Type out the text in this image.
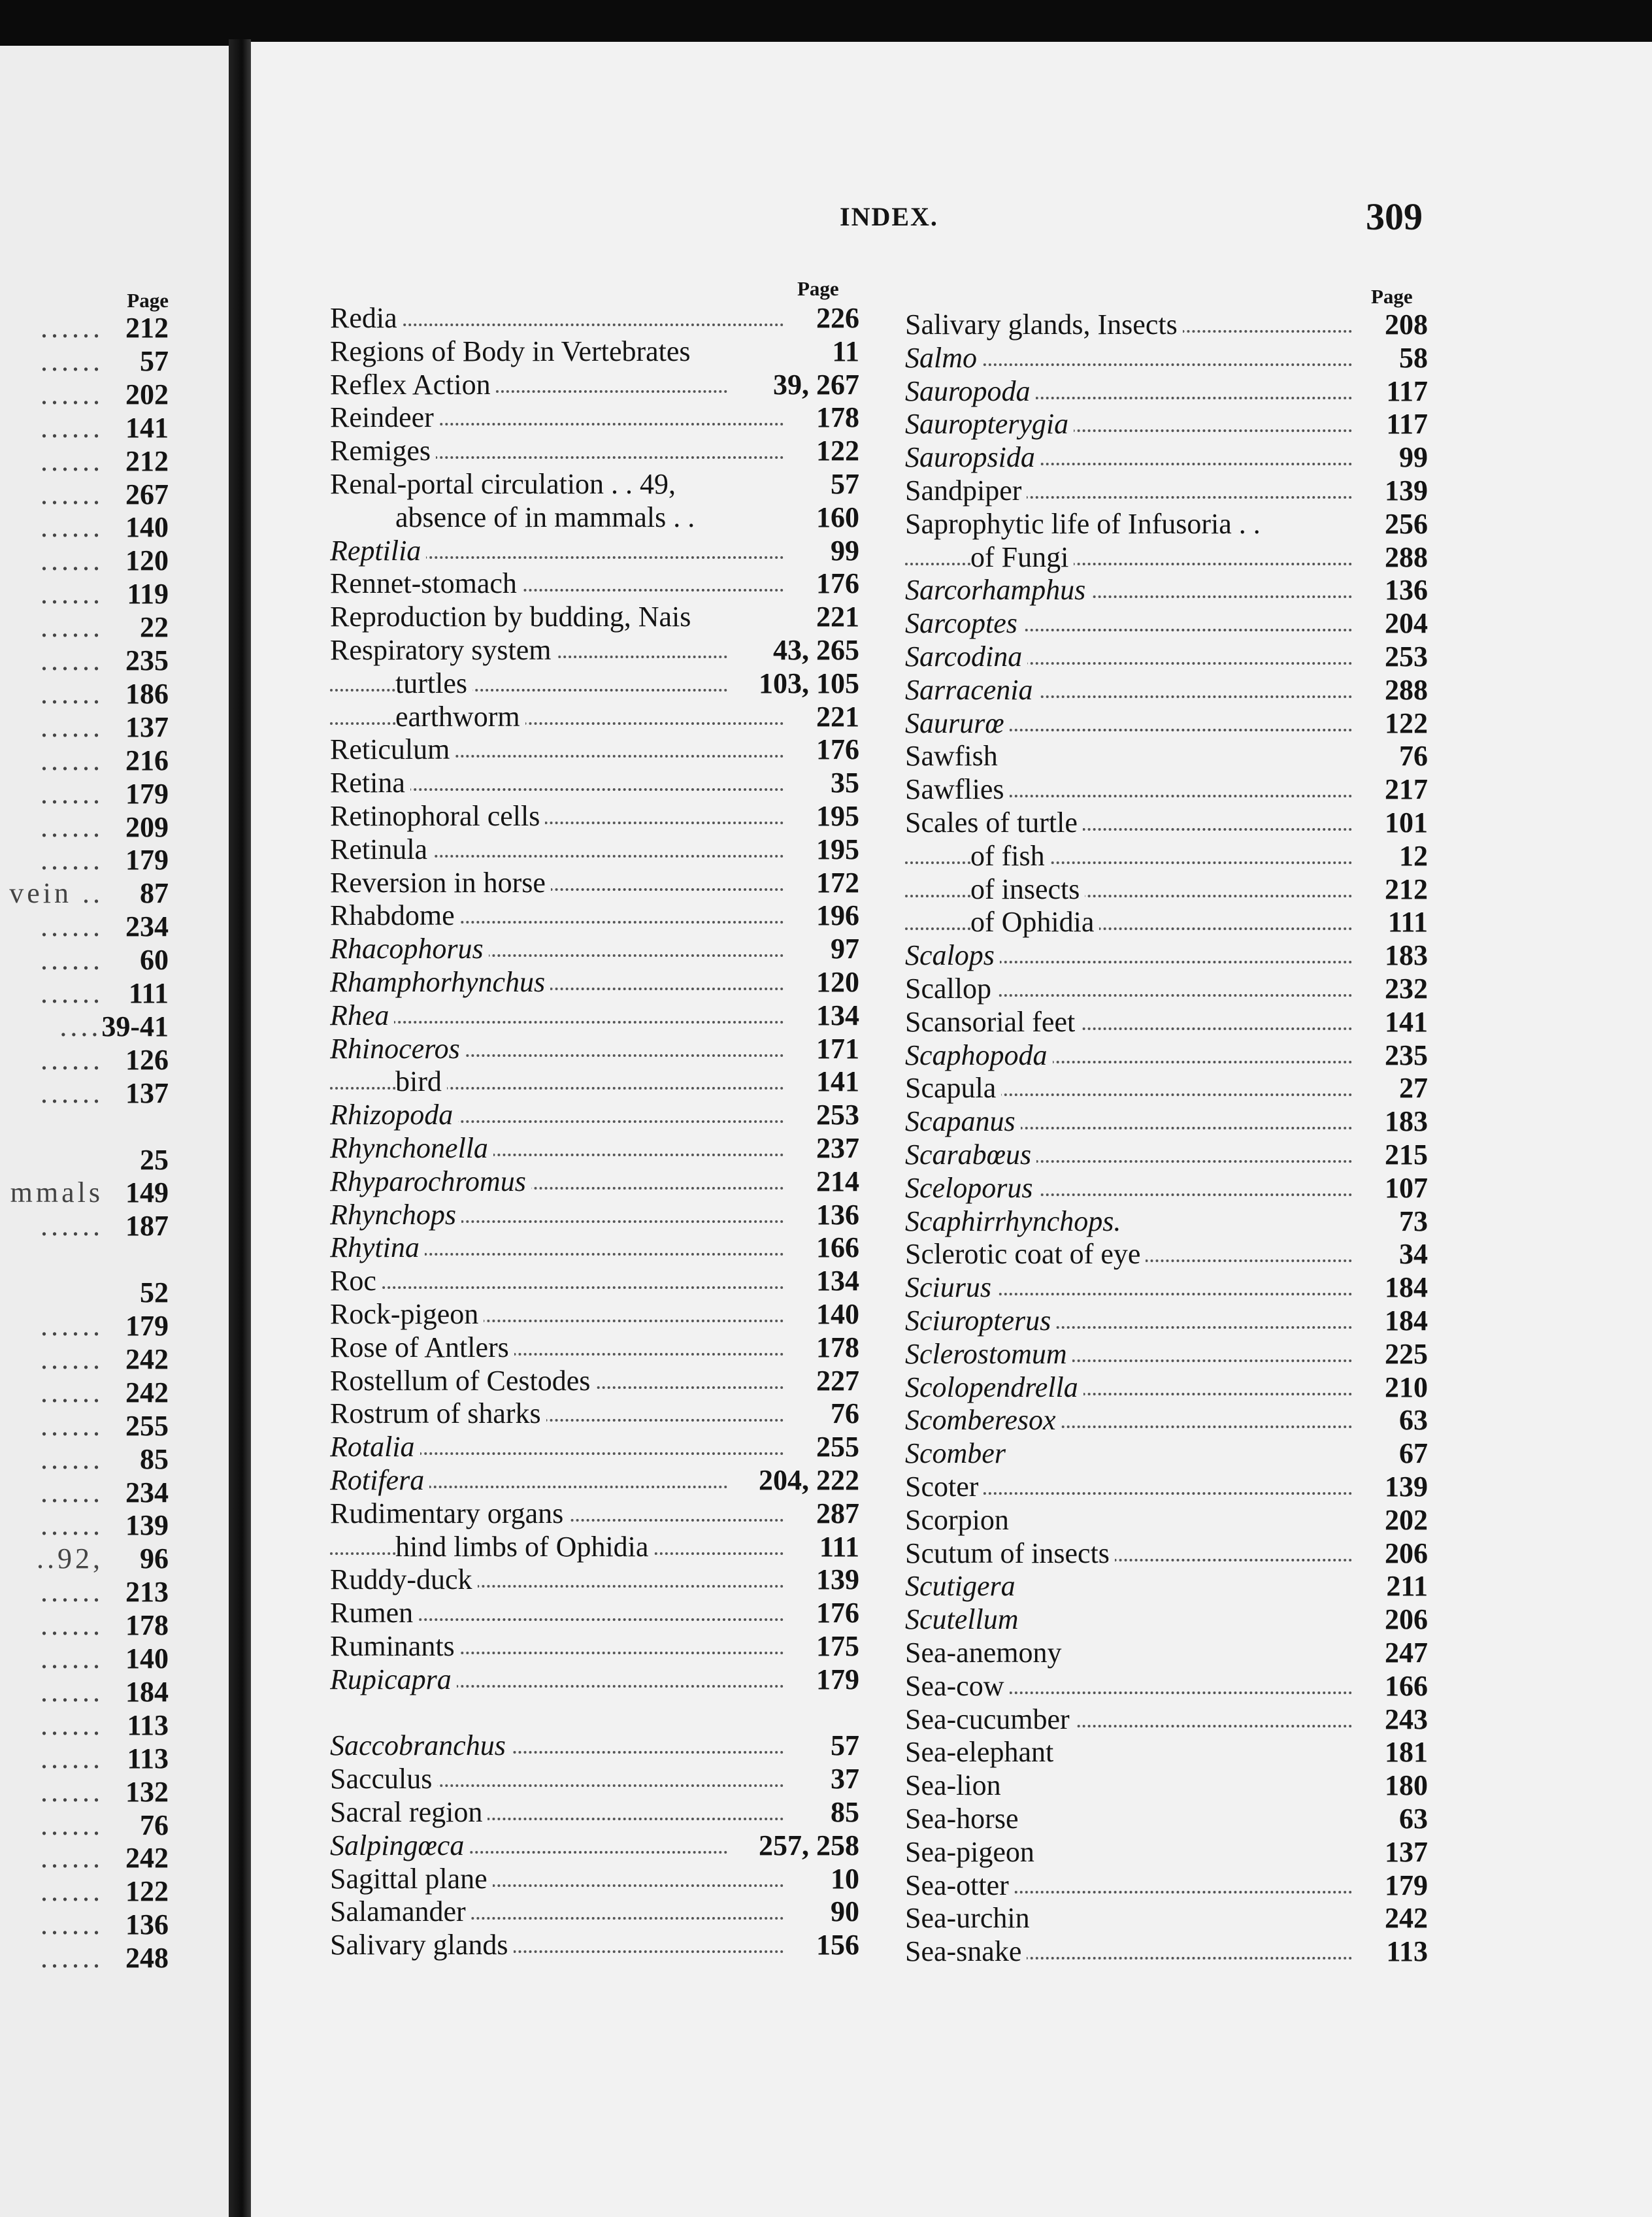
Page
...... 212
...... 57
...... 202
...... 141
...... 212
...... 267
...... 140
...... 120
...... 119
...... 22
...... 235
...... 186
...... 137
...... 216
...... 179
...... 209
...... 179
vein .. 87
...... 234
...... 60
...... 111
....39-41
...... 126
...... 137
25
mmals 149
...... 187
52
...... 179
...... 242
...... 242
...... 255
...... 85
...... 234
...... 139
..92, 96
...... 213
...... 178
...... 140
...... 184
...... 113
...... 113
...... 132
...... 76
...... 242
...... 122
...... 136
...... 248
INDEX.	309
Page	Page
Redia	226
Regions of Body in Vertebrates	11
Reflex Action	39, 267
Reindeer	178
Remiges	122
Renal-portal circulation . . 49,	57
absence of in mammals . .	160
Reptilia	99
Rennet-stomach	176
Reproduction by budding, Nais	221
Respiratory system	43, 265
turtles	103, 105
earthworm	221
Reticulum	176
Retina	35
Retinophoral cells	195
Retinula	195
Reversion in horse	172
Rhabdome	196
Rhacophorus	97
Rhamphorhynchus	120
Rhea	134
Rhinoceros	171
bird	141
Rhizopoda	253
Rhynchonella	237
Rhyparochromus	214
Rhynchops	136
Rhytina	166
Roc	134
Rock-pigeon	140
Rose of Antlers	178
Rostellum of Cestodes	227
Rostrum of sharks	76
Rotalia	255
Rotifera	204, 222
Rudimentary organs	287
hind limbs of Ophidia	111
Ruddy-duck	139
Rumen	176
Ruminants	175
Rupicapra	179
Saccobranchus	57
Sacculus	37
Sacral region	85
Salpingœca	257, 258
Sagittal plane	10
Salamander	90
Salivary glands	156
Salivary glands, Insects	208
Salmo	58
Sauropoda	117
Sauropterygia	117
Sauropsida	99
Sandpiper	139
Saprophytic life of Infusoria . .	256
of Fungi	288
Sarcorhamphus	136
Sarcoptes	204
Sarcodina	253
Sarracenia	288
Saururœ	122
Sawfish	76
Sawflies	217
Scales of turtle	101
of fish	12
of insects	212
of Ophidia	111
Scalops	183
Scallop	232
Scansorial feet	141
Scaphopoda	235
Scapula	27
Scapanus	183
Scarabœus	215
Sceloporus	107
Scaphirrhynchops.	73
Sclerotic coat of eye	34
Sciurus	184
Sciuropterus	184
Sclerostomum	225
Scolopendrella	210
Scomberesox	63
Scomber	67
Scoter	139
Scorpion	202
Scutum of insects	206
Scutigera	211
Scutellum	206
Sea-anemony	247
Sea-cow	166
Sea-cucumber	243
Sea-elephant	181
Sea-lion	180
Sea-horse	63
Sea-pigeon	137
Sea-otter	179
Sea-urchin	242
Sea-snake	113
